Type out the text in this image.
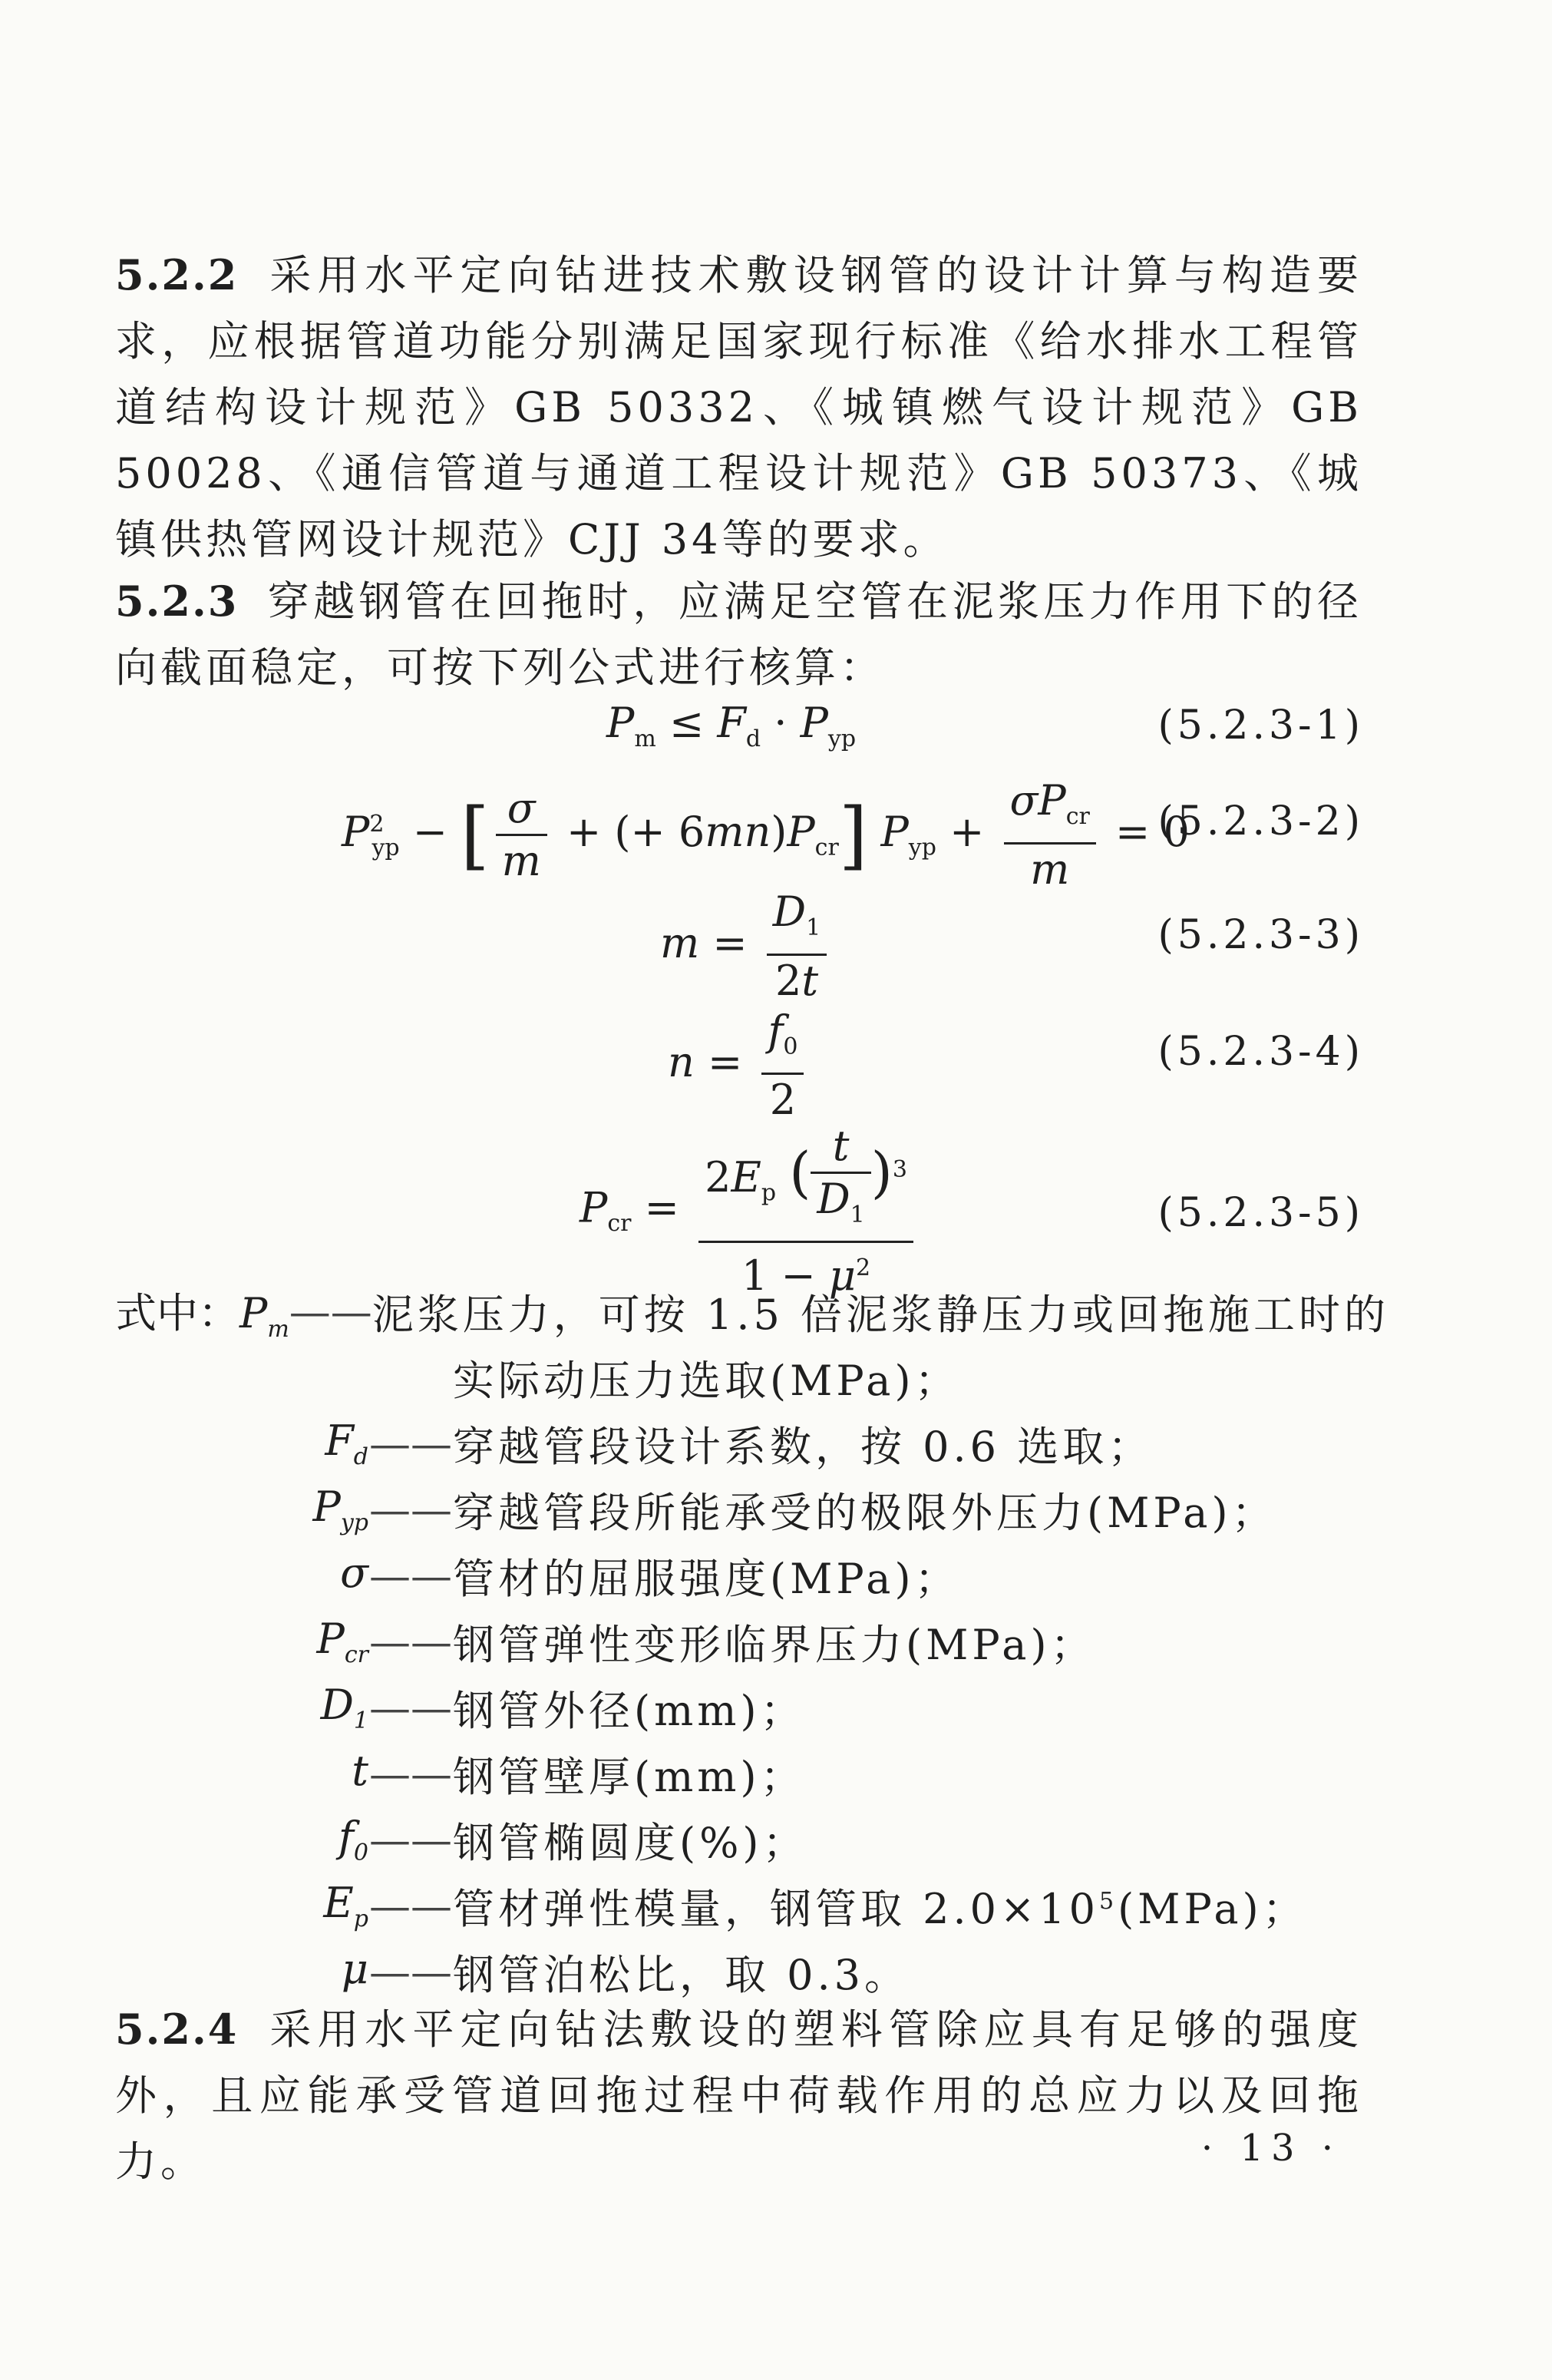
5.2.2 采用水平定向钻进技术敷设钢管的设计计算与构造要求，应根据管道功能分别满足国家现行标准《给水排水工程管道结构设计规范》GB 50332、《城镇燃气设计规范》GB 50028、《通信管道与通道工程设计规范》GB 50373、《城镇供热管网设计规范》CJJ 34等的要求。

5.2.3 穿越钢管在回拖时，应满足空管在泥浆压力作用下的径向截面稳定，可按下列公式进行核算：

$P_m \le F_d \cdot P_{yp}$	(5.2.3-1)
$P^2_{yp}$ − [ $\frac{\sigma}{m}$ + (+ $6mn)P_{cr}$] $P_{yp} + \frac{\sigma P_{cr}}{m} = 0$
(5.2.3-2)
$m = \frac{D_1}{2t}$	(5.2.3-3)
$n = \frac{f_0}{2}$	(5.2.3-4)
$P_{cr} = \frac{2E_p ( \frac{t}{D_1} )^3}{1 - \mu^2}$	(5.2.3-5)
式中：$P_m$ —— 泥浆压力，可按 1.5 倍泥浆静压力或回拖施工时的
实际动压力选取(MPa)；
$F_d$ —— 穿越管段设计系数，按 0.6 选取；
$P_{yp}$ —— 穿越管段所能承受的极限外压力(MPa)；
σ —— 管材的屈服强度(MPa)；
$P_{cr}$ —— 钢管弹性变形临界压力(MPa)；
$D_1$ —— 钢管外径(mm)；
t —— 钢管壁厚(mm)；
$f_0$ —— 钢管椭圆度(%)；
$E_p$ —— 管材弹性模量，钢管取 $2.0\times 10^5(MPa)$；
μ —— 钢管泊松比，取 0.3。

5.2.4 采用水平定向钻法敷设的塑料管除应具有足够的强度外，且应能承受管道回拖过程中荷载作用的总应力以及回拖力。	· 13 ·
